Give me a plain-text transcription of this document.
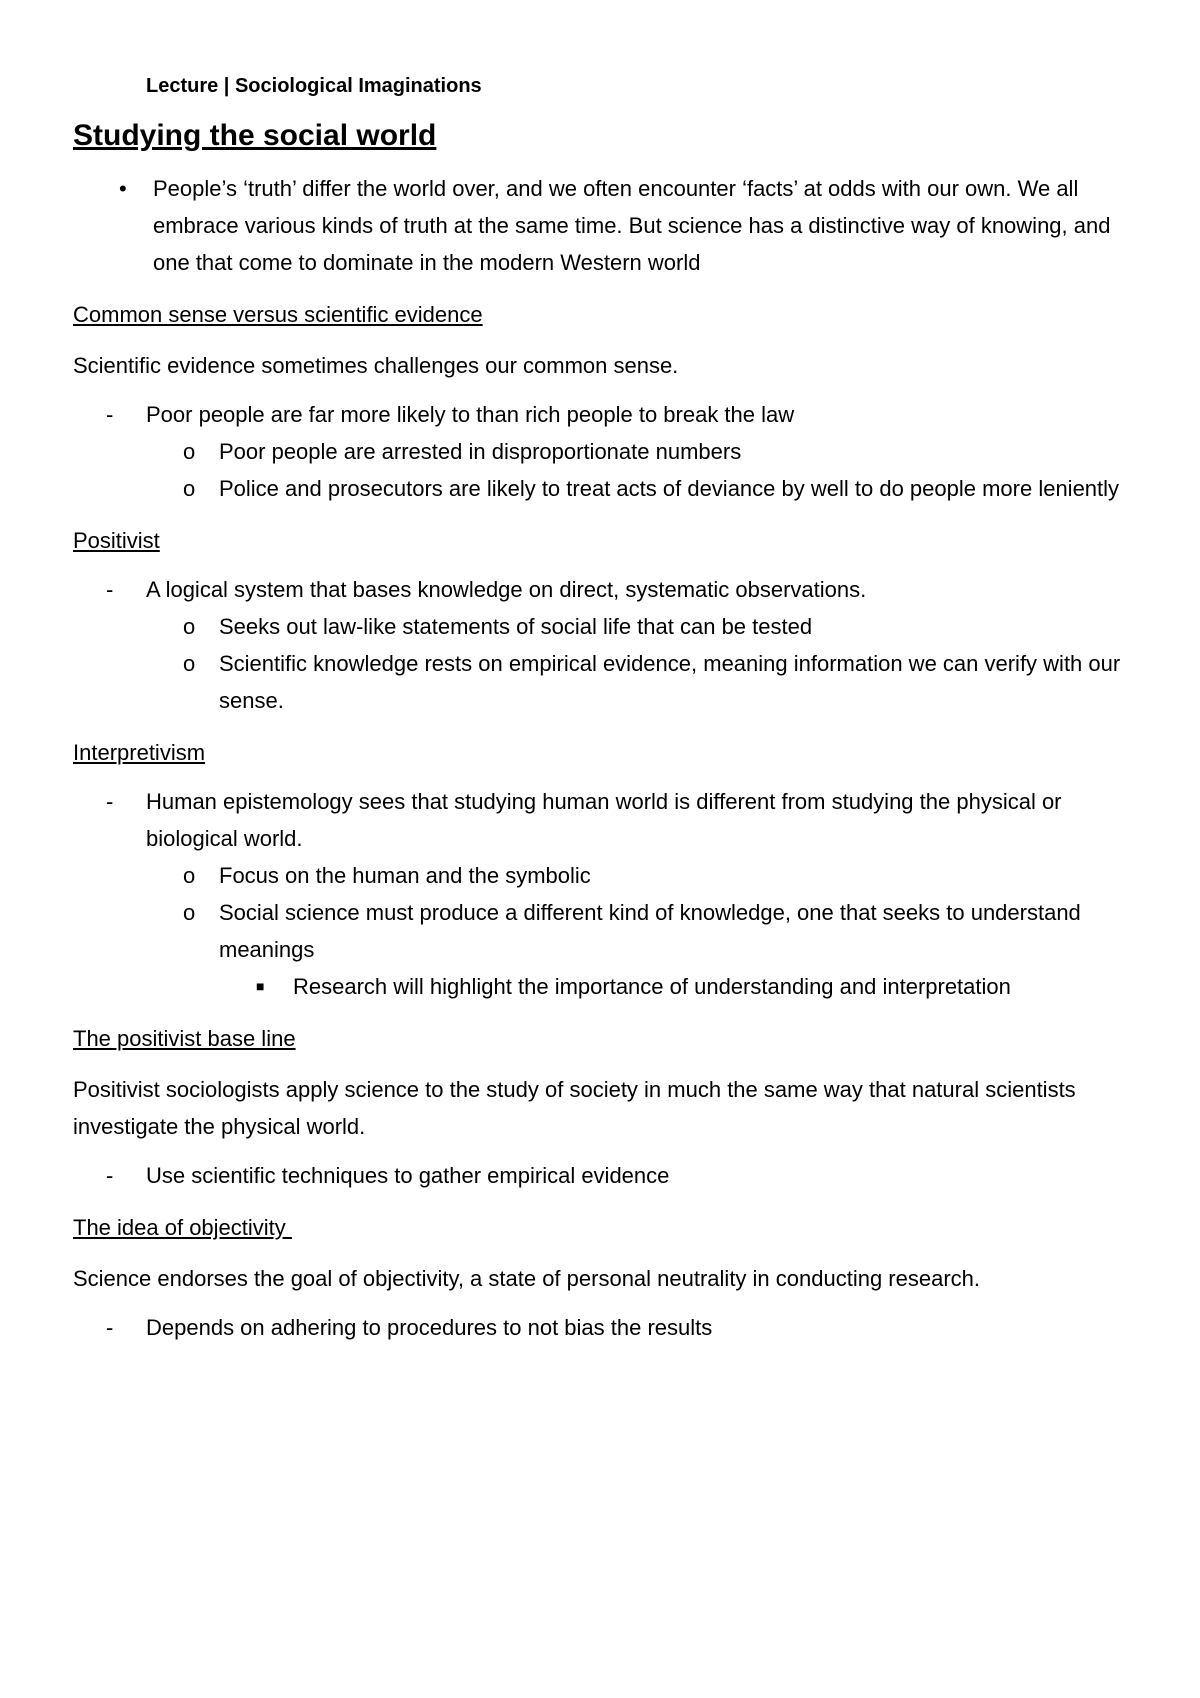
Lecture | Sociological Imaginations
Studying the social world
• People’s ‘truth’ differ the world over, and we often encounter ‘facts’ at odds with our own. We all embrace various kinds of truth at the same time. But science has a distinctive way of knowing, and one that come to dominate in the modern Western world
Common sense versus scientific evidence

Scientific evidence sometimes challenges our common sense.

- Poor people are far more likely to than rich people to break the law
o Poor people are arrested in disproportionate numbers
o Police and prosecutors are likely to treat acts of deviance by well to do people more leniently
Positivist
- A logical system that bases knowledge on direct, systematic observations.
o Seeks out law-like statements of social life that can be tested
o Scientific knowledge rests on empirical evidence, meaning information we can verify with our sense.
Interpretivism
- Human epistemology sees that studying human world is different from studying the physical or biological world.
o Focus on the human and the symbolic
o Social science must produce a different kind of knowledge, one that seeks to understand meanings
■ Research will highlight the importance of understanding and interpretation
The positivist base line

Positivist sociologists apply science to the study of society in much the same way that natural scientists investigate the physical world.

- Use scientific techniques to gather empirical evidence
The idea of objectivity

Science endorses the goal of objectivity, a state of personal neutrality in conducting research.

- Depends on adhering to procedures to not bias the results
